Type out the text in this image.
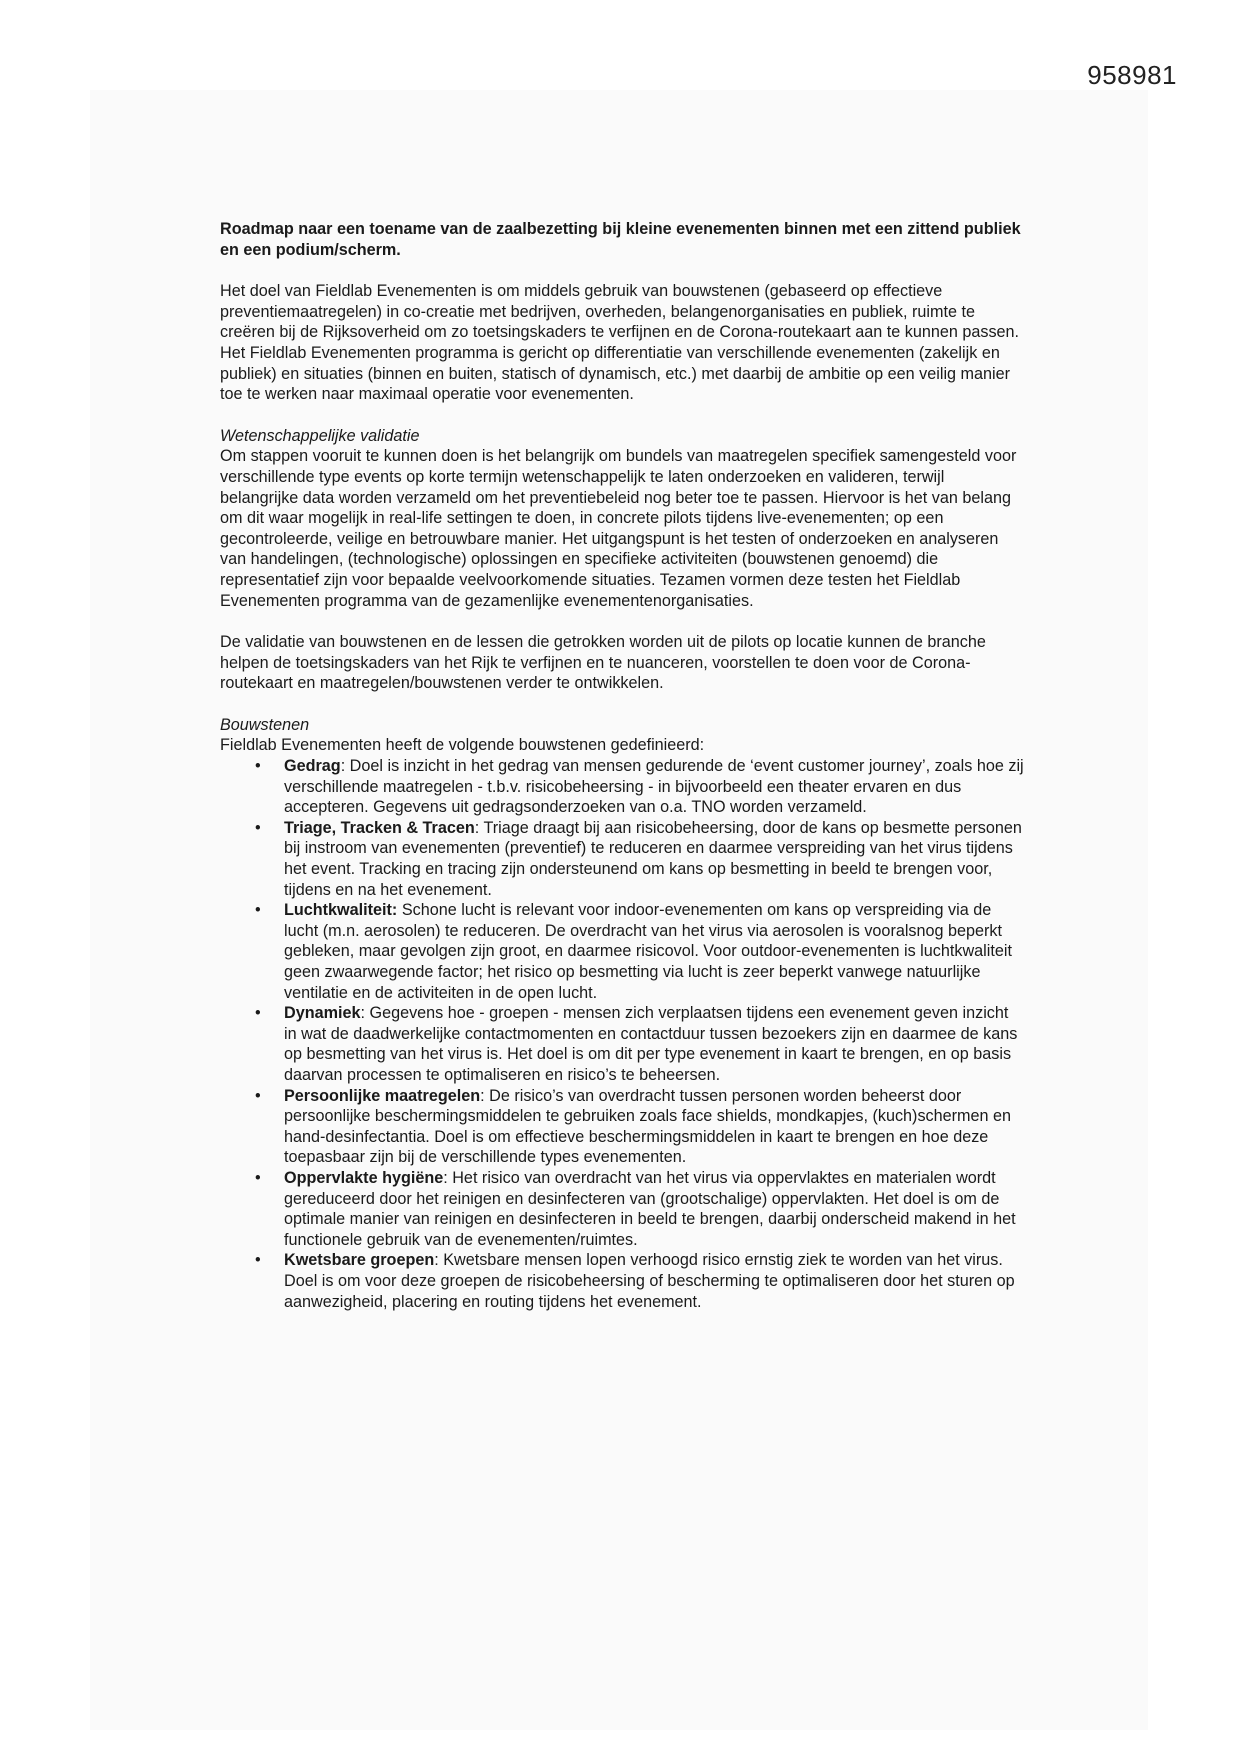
958981

Roadmap naar een toename van de zaalbezetting bij kleine evenementen binnen met een zittend publiek en een podium/scherm.

Het doel van Fieldlab Evenementen is om middels gebruik van bouwstenen (gebaseerd op effectieve preventiemaatregelen) in co-creatie met bedrijven, overheden, belangenorganisaties en publiek, ruimte te creëren bij de Rijksoverheid om zo toetsingskaders te verfijnen en de Corona-routekaart aan te kunnen passen. Het Fieldlab Evenementen programma is gericht op differentiatie van verschillende evenementen (zakelijk en publiek) en situaties (binnen en buiten, statisch of dynamisch, etc.) met daarbij de ambitie op een veilig manier toe te werken naar maximaal operatie voor evenementen.

Wetenschappelijke validatie

Om stappen vooruit te kunnen doen is het belangrijk om bundels van maatregelen specifiek samengesteld voor verschillende type events op korte termijn wetenschappelijk te laten onderzoeken en valideren, terwijl belangrijke data worden verzameld om het preventiebeleid nog beter toe te passen. Hiervoor is het van belang om dit waar mogelijk in real-life settingen te doen, in concrete pilots tijdens live-evenementen; op een gecontroleerde, veilige en betrouwbare manier. Het uitgangspunt is het testen of onderzoeken en analyseren van handelingen, (technologische) oplossingen en specifieke activiteiten (bouwstenen genoemd) die representatief zijn voor bepaalde veelvoorkomende situaties. Tezamen vormen deze testen het Fieldlab Evenementen programma van de gezamenlijke evenementenorganisaties.

De validatie van bouwstenen en de lessen die getrokken worden uit de pilots op locatie kunnen de branche helpen de toetsingskaders van het Rijk te verfijnen en te nuanceren, voorstellen te doen voor de Corona-routekaart en maatregelen/bouwstenen verder te ontwikkelen.

Bouwstenen
Fieldlab Evenementen heeft de volgende bouwstenen gedefinieerd:
• Gedrag: Doel is inzicht in het gedrag van mensen gedurende de ‘event customer journey’, zoals hoe zij verschillende maatregelen - t.b.v. risicobeheersing - in bijvoorbeeld een theater ervaren en dus accepteren. Gegevens uit gedragsonderzoeken van o.a. TNO worden verzameld.
• Triage, Tracken & Tracen: Triage draagt bij aan risicobeheersing, door de kans op besmette personen bij instroom van evenementen (preventief) te reduceren en daarmee verspreiding van het virus tijdens het event. Tracking en tracing zijn ondersteunend om kans op besmetting in beeld te brengen voor, tijdens en na het evenement.
• Luchtkwaliteit: Schone lucht is relevant voor indoor-evenementen om kans op verspreiding via de lucht (m.n. aerosolen) te reduceren. De overdracht van het virus via aerosolen is vooralsnog beperkt gebleken, maar gevolgen zijn groot, en daarmee risicovol. Voor outdoor-evenementen is luchtkwaliteit geen zwaarwegende factor; het risico op besmetting via lucht is zeer beperkt vanwege natuurlijke ventilatie en de activiteiten in de open lucht.
• Dynamiek: Gegevens hoe - groepen - mensen zich verplaatsen tijdens een evenement geven inzicht in wat de daadwerkelijke contactmomenten en contactduur tussen bezoekers zijn en daarmee de kans op besmetting van het virus is. Het doel is om dit per type evenement in kaart te brengen, en op basis daarvan processen te optimaliseren en risico’s te beheersen.
• Persoonlijke maatregelen: De risico’s van overdracht tussen personen worden beheerst door persoonlijke beschermingsmiddelen te gebruiken zoals face shields, mondkapjes, (kuch)schermen en hand-desinfectantia. Doel is om effectieve beschermingsmiddelen in kaart te brengen en hoe deze toepasbaar zijn bij de verschillende types evenementen.
• Oppervlakte hygiëne: Het risico van overdracht van het virus via oppervlaktes en materialen wordt gereduceerd door het reinigen en desinfecteren van (grootschalige) oppervlakten. Het doel is om de optimale manier van reinigen en desinfecteren in beeld te brengen, daarbij onderscheid makend in het functionele gebruik van de evenementen/ruimtes.
• Kwetsbare groepen: Kwetsbare mensen lopen verhoogd risico ernstig ziek te worden van het virus. Doel is om voor deze groepen de risicobeheersing of bescherming te optimaliseren door het sturen op aanwezigheid, placering en routing tijdens het evenement.
